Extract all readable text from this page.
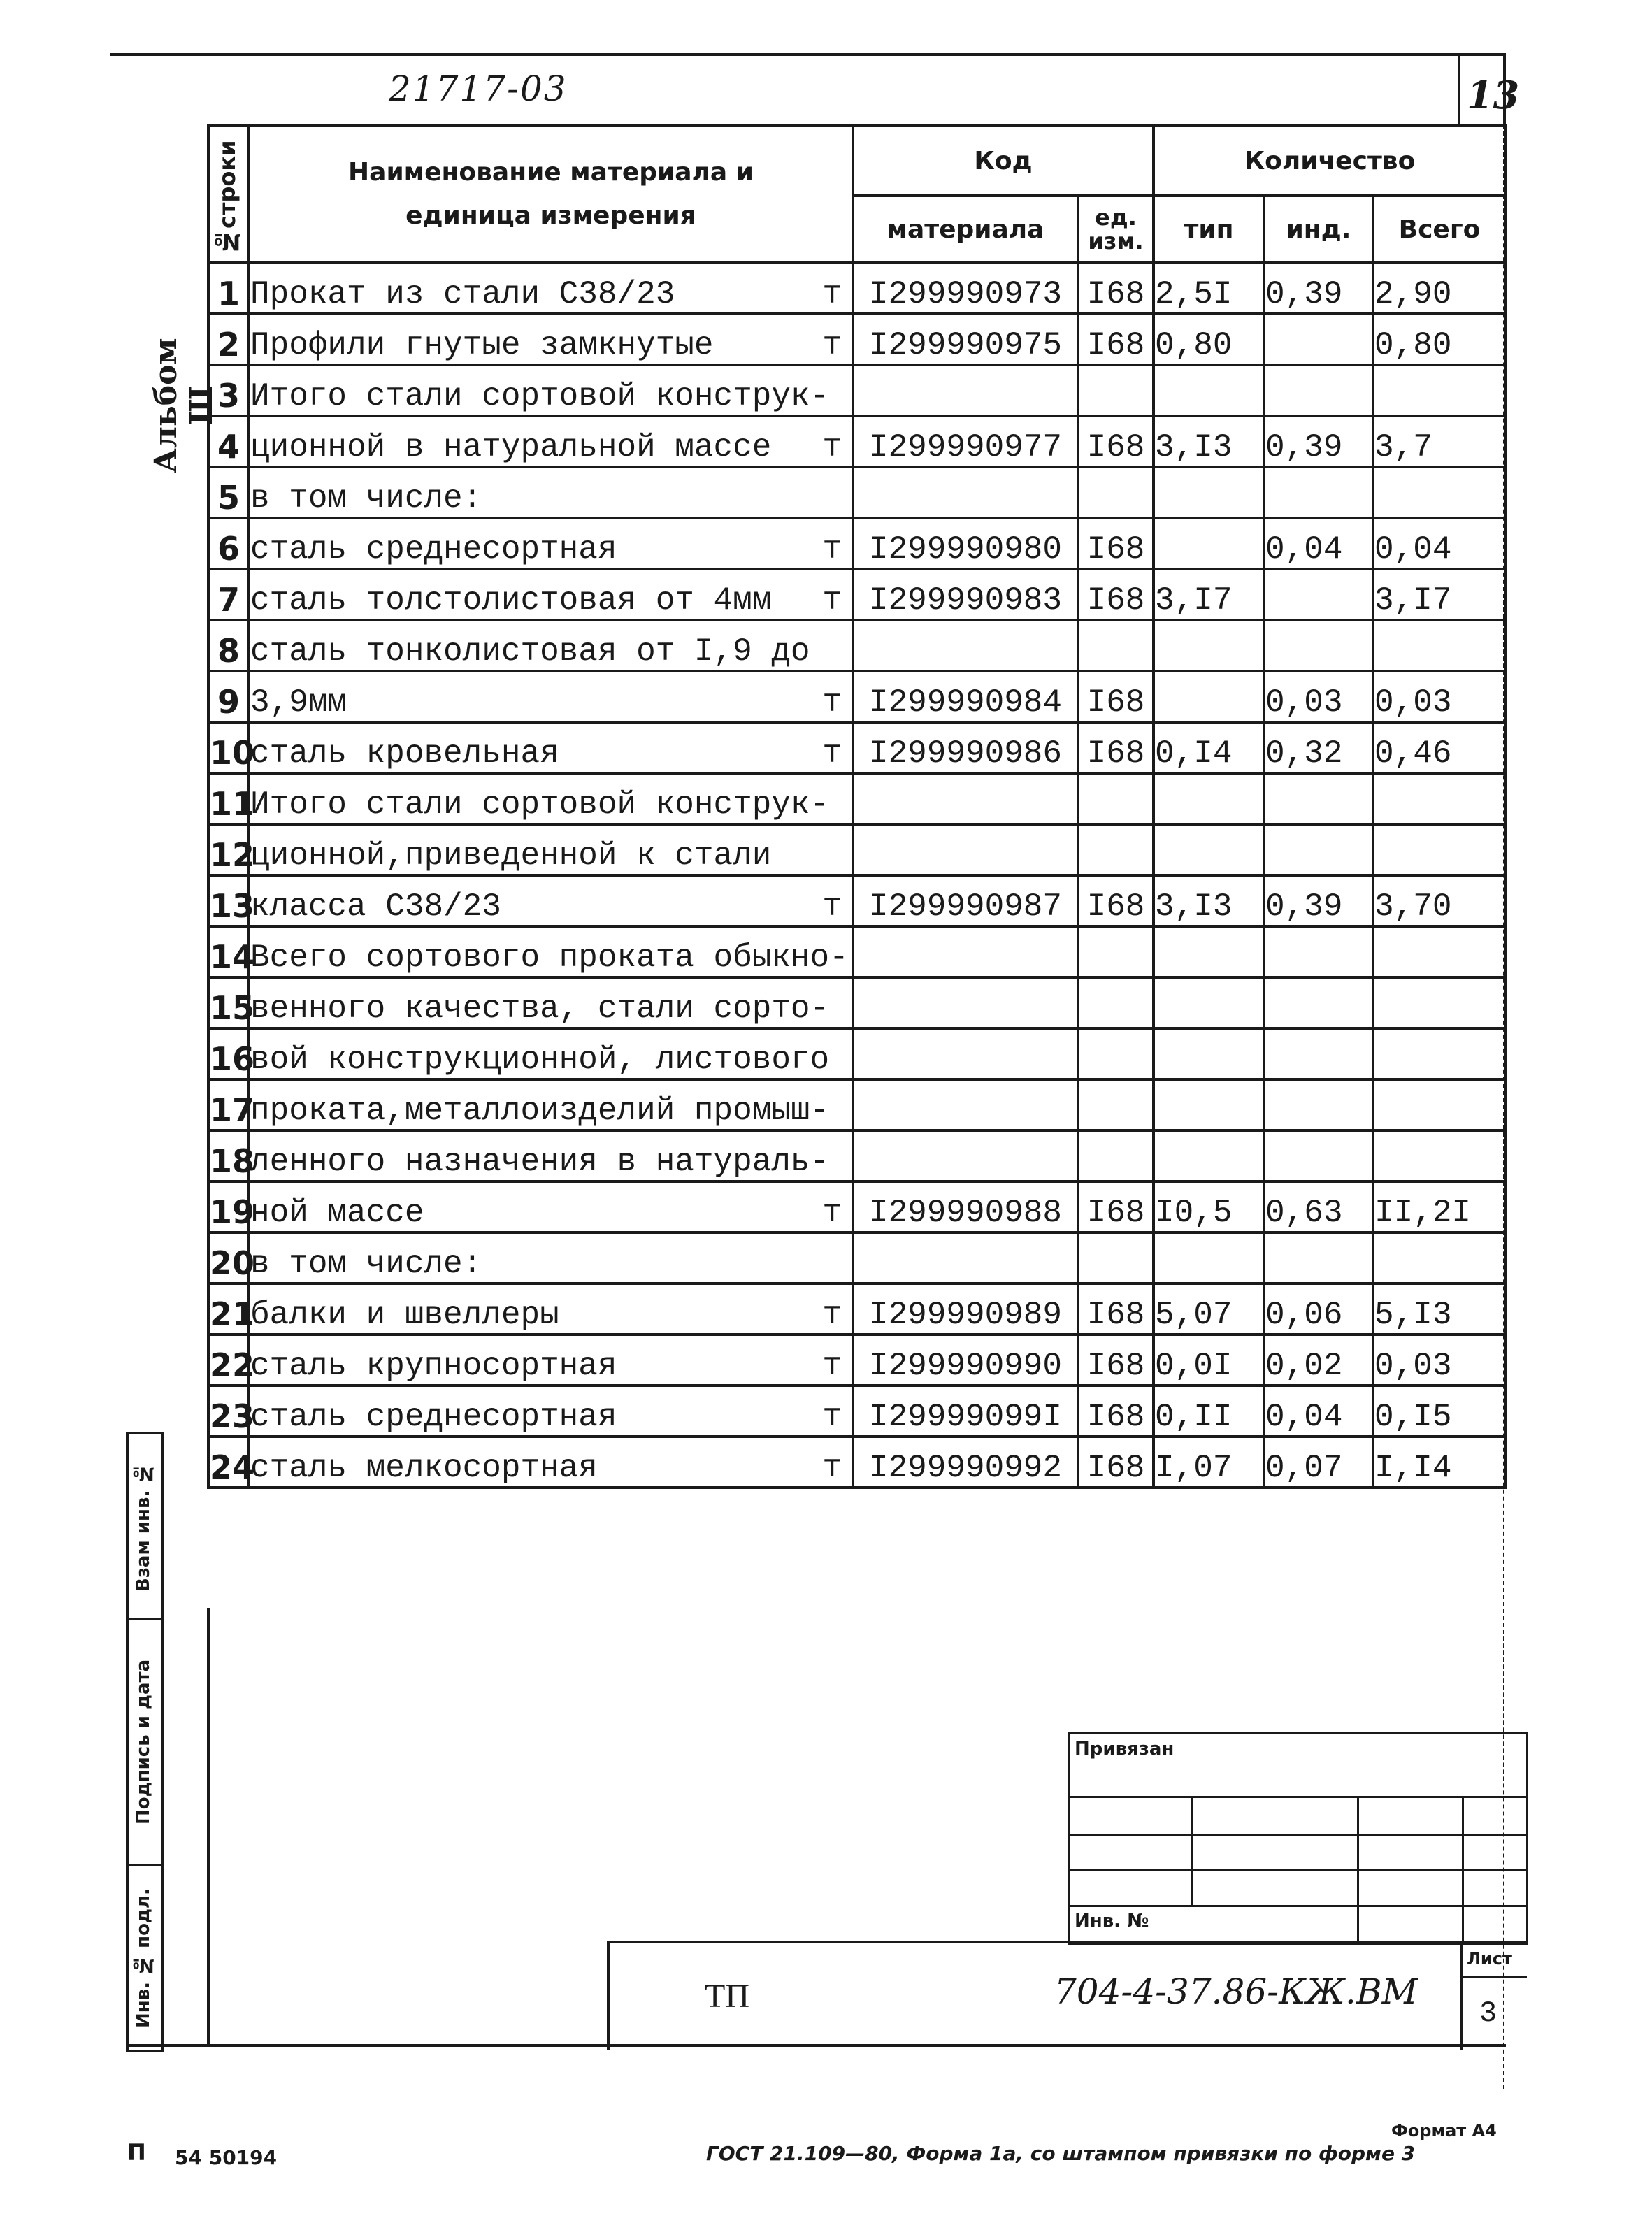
21717-03	13
Альбом Ш
№строки	Наименование материала и единица измерения	Код		Количество		
		материала	ед. изм.	тип	инд.	Всего
1	Прокат из стали С38/23 т	I299990973	I68	2,5I	0,39	2,90
2	Профили гнутые замкнутые т	I299990975	I68	0,80		0,80
3	Итого стали сортовой конструк-					

4	ционной в натуральной массе т	I299990977	I68	3,I3	0,39	3,7
5	в том числе:					

6	сталь среднесортная т	I299990980	I68		0,04	0,04
7	сталь толстолистовая от 4мм т	I299990983	I68	3,I7		3,I7
8	сталь тонколистовая от I,9 до					

9	3,9мм т	I299990984	I68		0,03	0,03
10	сталь кровельная т	I299990986	I68	0,I4	0,32	0,46
11	Итого стали сортовой конструк-					

12	ционной,приведенной к стали					

13	класса С38/23 т	I299990987	I68	3,I3	0,39	3,70
14	Всего сортового проката обыкно-					

15	венного качества, стали сорто-					

16	вой конструкционной, листового					

17	проката,металлоизделий промыш-					

18	ленного назначения в натураль-					

19	ной массе т	I299990988	I68	I0,5	0,63	II,2I
20	в том числе:					

21	балки и швеллеры т	I299990989	I68	5,07	0,06	5,I3
22	сталь крупносортная т	I299990990	I68	0,0I	0,02	0,03
23	сталь среднесортная т	I29999099I	I68	0,II	0,04	0,I5
24	сталь мелкосортная т	I299990992	I68	I,07	0,07	I,I4
Взам инв. №
Подпись и дата
Инв. № подл.
Привязан
Инв. №
ТП	704-4-37.86-КЖ.ВМ
Лист
3
Формат А4
П 54 50194	ГОСТ 21.109—80, Форма 1а, со штампом привязки по форме 3
